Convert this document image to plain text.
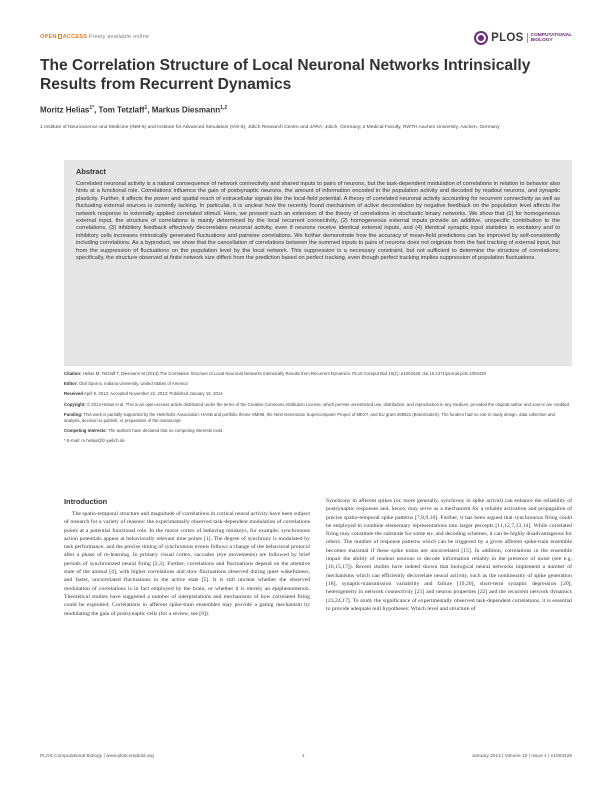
OPEN ACCESS Freely available online	PLOS	COMPUTATIONAL
BIOLOGY
The Correlation Structure of Local Neuronal Networks Intrinsically Results from Recurrent Dynamics
Moritz Helias$^{1*}$, Tom Tetzlaff$^1$, Markus Diesmann$^{1,2}$
1 Institute of Neuroscience and Medicine (INM-6) and Institute for Advanced Simulation (IAS-6), Jülich Research Centre and JARA, Jülich, Germany, 2 Medical Faculty, RWTH Aachen University, Aachen, Germany
Abstract
Correlated neuronal activity is a natural consequence of network connectivity and shared inputs to pairs of neurons, but the task-dependent modulation of correlations in relation to behavior also hints at a functional role. Correlations influence the gain of postsynaptic neurons, the amount of information encoded in the population activity and decoded by readout neurons, and synaptic plasticity. Further, it affects the power and spatial reach of extracellular signals like the local-field potential. A theory of correlated neuronal activity accounting for recurrent connectivity as well as fluctuating external sources is currently lacking. In particular, it is unclear how the recently found mechanism of active decorrelation by negative feedback on the population level affects the network response to externally applied correlated stimuli. Here, we present such an extension of the theory of correlations in stochastic binary networks. We show that (1) for homogeneous external input, the structure of correlations is mainly determined by the local recurrent connectivity, (2) homogeneous external inputs provide an additive, unspecific contribution to the correlations, (3) inhibitory feedback effectively decorrelates neuronal activity, even if neurons receive identical external inputs, and (4) identical synaptic input statistics to excitatory and to inhibitory cells increases intrinsically generated fluctuations and pairwise correlations. We further demonstrate how the accuracy of mean-field predictions can be improved by self-consistently including correlations. As a byproduct, we show that the cancellation of correlations between the summed inputs to pairs of neurons does not originate from the fast tracking of external input, but from the suppression of fluctuations on the population level by the local network. This suppression is a necessary constraint, but not sufficient to determine the structure of correlations; specifically, the structure observed at finite network size differs from the prediction based on perfect tracking, even though perfect tracking implies suppression of population fluctuations.

Citation: Helias M, Tetzlaff T, Diesmann M (2014) The Correlation Structure of Local Neuronal Networks Intrinsically Results from Recurrent Dynamics. PLoS Comput Biol 10(1): e1003428. doi:10.1371/journal.pcbi.1003428

Editor: Olaf Sporns, Indiana University, United States of America

Received April 9, 2013; Accepted November 22, 2013; Published January 16, 2014

Copyright: © 2014 Helias et al. This is an open-access article distributed under the terms of the Creative Commons Attribution License, which permits unrestricted use, distribution, and reproduction in any medium, provided the original author and source are credited.

Funding: This work is partially supported by the Helmholtz Association: HASB and portfolio theme SMHB, the Next-Generation Supercomputer Project of MEXT, and EU grant 269921 (BrainScaleS). The funders had no role in study design, data collection and analysis, decision to publish, or preparation of the manuscript.

Competing Interests: The authors have declared that no competing interests exist.

* E-mail: m.helias@fz-juelich.de

Introduction

The spatio-temporal structure and magnitude of correlations in cortical neural activity have been subject of research for a variety of reasons: the experimentally observed task-dependent modulation of correlations points at a potential functional role. In the motor cortex of behaving monkeys, for example, synchronous action potentials appear at behaviorally relevant time points [1]. The degree of synchrony is modulated by task performance, and the precise timing of synchronous events follows a change of the behavioral protocol after a phase of re-learning. In primary visual cortex, saccades (eye movements) are followed by brief periods of synchronized neural firing [2,3]. Further, correlations and fluctuations depend on the attentive state of the animal [4], with higher correlations and slow fluctuations observed during quiet wakefulness, and faster, uncorrelated fluctuations in the active state [5]. It is still unclear whether the observed modulation of correlations is in fact employed by the brain, or whether it is merely an epiphenomenon. Theoretical studies have suggested a number of interpretations and mechanisms of how correlated firing could be exploited: Correlations in afferent spike-train ensembles may provide a gating mechanism by modulating the gain of postsynaptic cells (for a review, see [6]).

Synchrony in afferent spikes (or, more generally, synchrony in spike arrival) can enhance the reliability of postsynaptic responses and, hence, may serve as a mechanism for a reliable activation and propagation of precise spatio-temporal spike patterns [7,8,9,10]. Further, it has been argued that synchronous firing could be employed to combine elementary representations into larger percepts [11,12,7,13,14]. While correlated firing may constitute the substrate for some en- and decoding schemes, it can be highly disadvantageous for others: The number of response patterns which can be triggered by a given afferent spike-train ensemble becomes maximal if these spike trains are uncorrelated [15]. In addition, correlations in the ensemble impair the ability of readout neurons to decode information reliably in the presence of noise (see e.g. [16,15,17]). Recent studies have indeed shown that biological neural networks implement a number of mechanisms which can efficiently decorrelate neural activity, such as the nonlinearity of spike generation [18], synaptic-transmission variability and failure [19,20], short-term synaptic depression [20], heterogeneity in network connectivity [21] and neuron properties [22] and the recurrent network dynamics [23,24,17]. To study the significance of experimentally observed task-dependent correlations, it is essential to provide adequate null hypotheses: Which level and structure of

PLOS Computational Biology | www.ploscompbiol.org	1	January 2014 | Volume 10 | Issue 1 | e1003428
